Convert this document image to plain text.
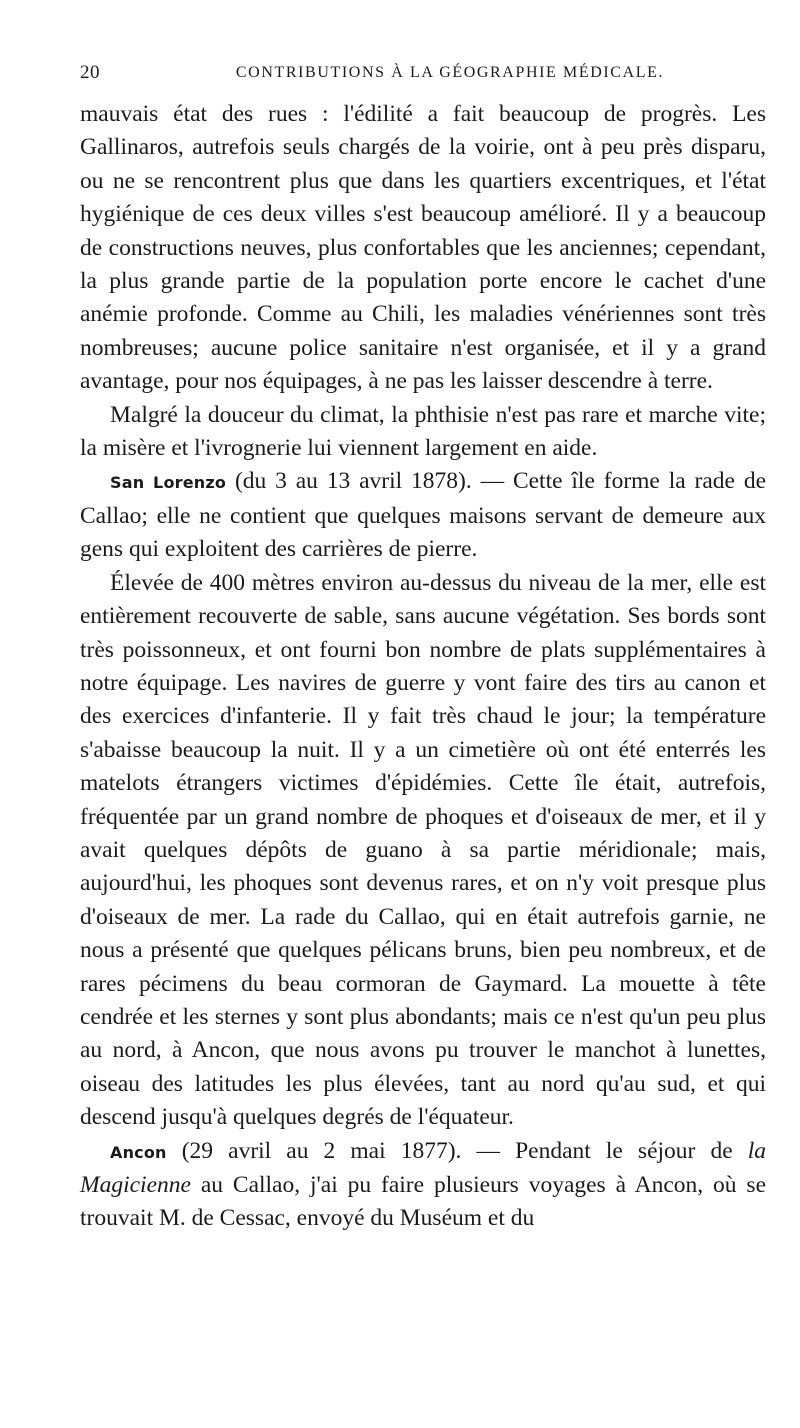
20	CONTRIBUTIONS À LA GÉOGRAPHIE MÉDICALE.

mauvais état des rues : l'édilité a fait beaucoup de progrès. Les Gallinaros, autrefois seuls chargés de la voirie, ont à peu près disparu, ou ne se rencontrent plus que dans les quartiers excentriques, et l'état hygiénique de ces deux villes s'est beaucoup amélioré. Il y a beaucoup de constructions neuves, plus confortables que les anciennes; cependant, la plus grande partie de la population porte encore le cachet d'une anémie profonde. Comme au Chili, les maladies vénériennes sont très nombreuses; aucune police sanitaire n'est organisée, et il y a grand avantage, pour nos équipages, à ne pas les laisser descendre à terre.

Malgré la douceur du climat, la phthisie n'est pas rare et marche vite; la misère et l'ivrognerie lui viennent largement en aide.

San Lorenzo (du 3 au 13 avril 1878). — Cette île forme la rade de Callao; elle ne contient que quelques maisons servant de demeure aux gens qui exploitent des carrières de pierre.

Élevée de 400 mètres environ au-dessus du niveau de la mer, elle est entièrement recouverte de sable, sans aucune végétation. Ses bords sont très poissonneux, et ont fourni bon nombre de plats supplémentaires à notre équipage. Les navires de guerre y vont faire des tirs au canon et des exercices d'infanterie. Il y fait très chaud le jour; la température s'abaisse beaucoup la nuit. Il y a un cimetière où ont été enterrés les matelots étrangers victimes d'épidémies. Cette île était, autrefois, fréquentée par un grand nombre de phoques et d'oiseaux de mer, et il y avait quelques dépôts de guano à sa partie méridionale; mais, aujourd'hui, les phoques sont devenus rares, et on n'y voit presque plus d'oiseaux de mer. La rade du Callao, qui en était autrefois garnie, ne nous a présenté que quelques pélicans bruns, bien peu nombreux, et de rares pécimens du beau cormoran de Gaymard. La mouette à tête cendrée et les sternes y sont plus abondants; mais ce n'est qu'un peu plus au nord, à Ancon, que nous avons pu trouver le manchot à lunettes, oiseau des latitudes les plus élevées, tant au nord qu'au sud, et qui descend jusqu'à quelques degrés de l'équateur.

Ancon (29 avril au 2 mai 1877). — Pendant le séjour de la Magicienne au Callao, j'ai pu faire plusieurs voyages à Ancon, où se trouvait M. de Cessac, envoyé du Muséum et du
